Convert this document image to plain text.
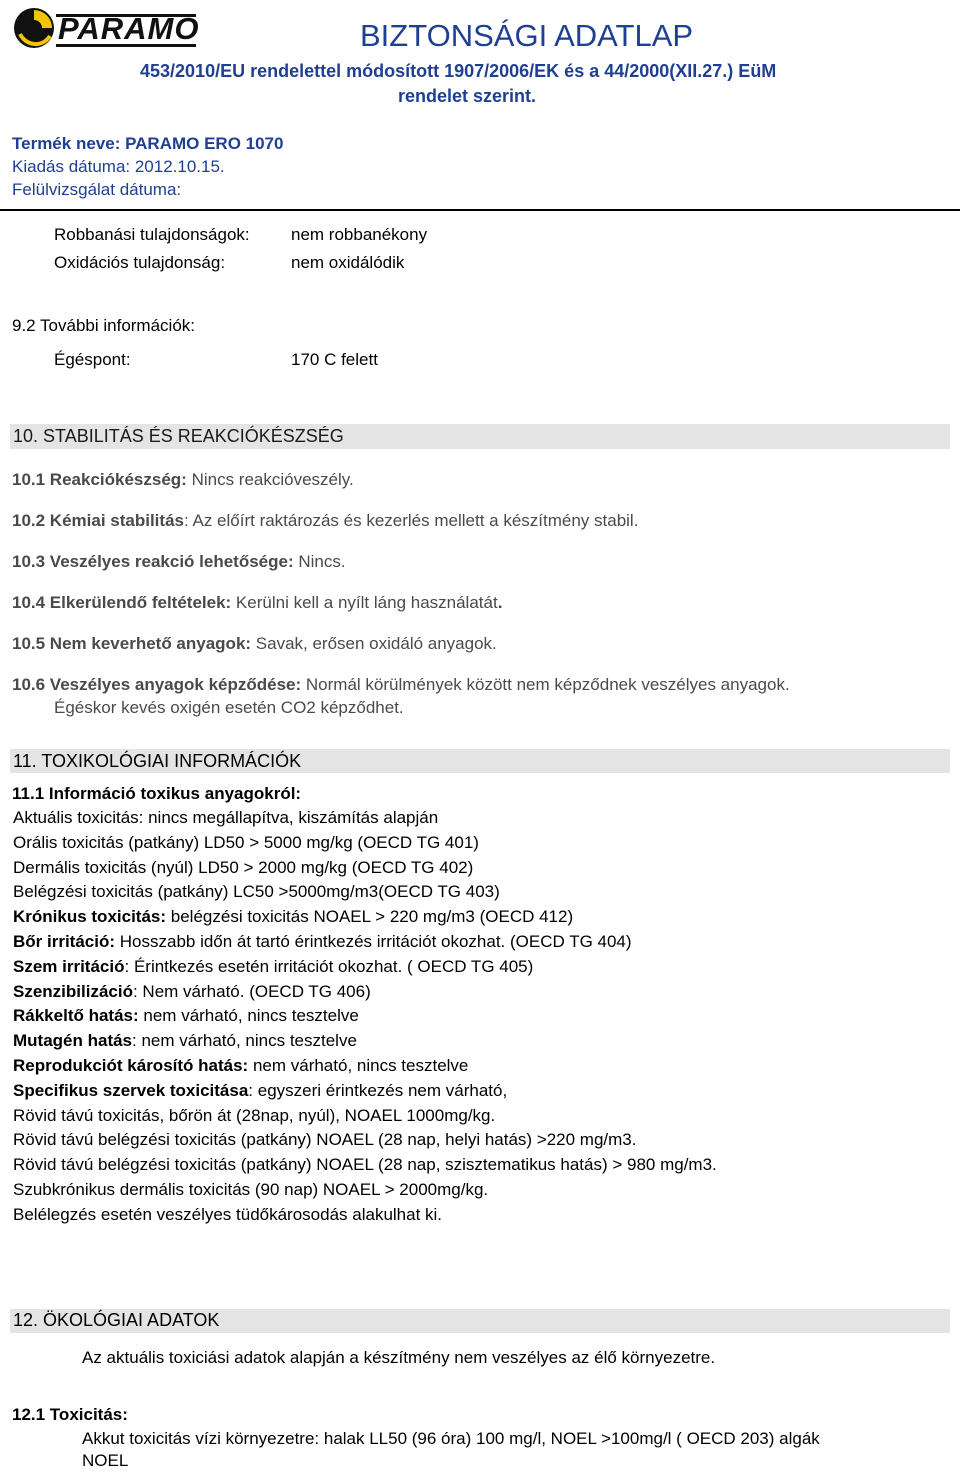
PARAMO	BIZTONSÁGI ADATLAP
453/2010/EU rendelettel módosított 1907/2006/EK és a 44/2000(XII.27.) EüM
rendelet szerint.
Termék neve: PARAMO ERO 1070
Kiadás dátuma: 2012.10.15.
Felülvizsgálat dátuma:
Robbanási tulajdonságok: nem robbanékony
Oxidációs tulajdonság:	nem oxidálódik
9.2 További információk:
Égéspont:	170 C felett
10. STABILITÁS ÉS REAKCIÓKÉSZSÉG
10.1 Reakciókészség: Nincs reakcióveszély.
10.2 Kémiai stabilitás: Az előírt raktározás és kezerlés mellett a készítmény stabil.
10.3 Veszélyes reakció lehetősége: Nincs.
10.4 Elkerülendő feltételek: Kerülni kell a nyílt láng használatát.
10.5 Nem keverhető anyagok: Savak, erősen oxidáló anyagok.
10.6 Veszélyes anyagok képződése: Normál körülmények között nem képződnek veszélyes anyagok.
Égéskor kevés oxigén esetén CO2 képződhet.
11. TOXIKOLÓGIAI INFORMÁCIÓK
11.1 Információ toxikus anyagokról:
Aktuális toxicitás: nincs megállapítva, kiszámítás alapján
Orális toxicitás (patkány) LD50 > 5000 mg/kg (OECD TG 401)
Dermális toxicitás (nyúl) LD50 > 2000 mg/kg (OECD TG 402)
Belégzési toxicitás (patkány) LC50 >5000mg/m3(OECD TG 403)
Krónikus toxicitás: belégzési toxicitás NOAEL > 220 mg/m3 (OECD 412)
Bőr irritáció: Hosszabb időn át tartó érintkezés irritációt okozhat. (OECD TG 404)
Szem irritáció: Érintkezés esetén irritációt okozhat. ( OECD TG 405)
Szenzibilizáció: Nem várható. (OECD TG 406)
Rákkeltő hatás: nem várható, nincs tesztelve
Mutagén hatás: nem várható, nincs tesztelve
Reprodukciót károsító hatás: nem várható, nincs tesztelve
Specifikus szervek toxicitása: egyszeri érintkezés nem várható,
Rövid távú toxicitás, bőrön át (28nap, nyúl), NOAEL 1000mg/kg.
Rövid távú belégzési toxicitás (patkány) NOAEL (28 nap, helyi hatás) >220 mg/m3.
Rövid távú belégzési toxicitás (patkány) NOAEL (28 nap, szisztematikus hatás) > 980 mg/m3.
Szubkrónikus dermális toxicitás (90 nap) NOAEL > 2000mg/kg.
Belélegzés esetén veszélyes tüdőkárosodás alakulhat ki.
12. ÖKOLÓGIAI ADATOK
Az aktuális toxiciási adatok alapján a készítmény nem veszélyes az élő környezetre.
12.1 Toxicitás:
Akkut toxicitás vízi környezetre: halak LL50 (96 óra) 100 mg/l, NOEL >100mg/l ( OECD 203) algák
NOEL
